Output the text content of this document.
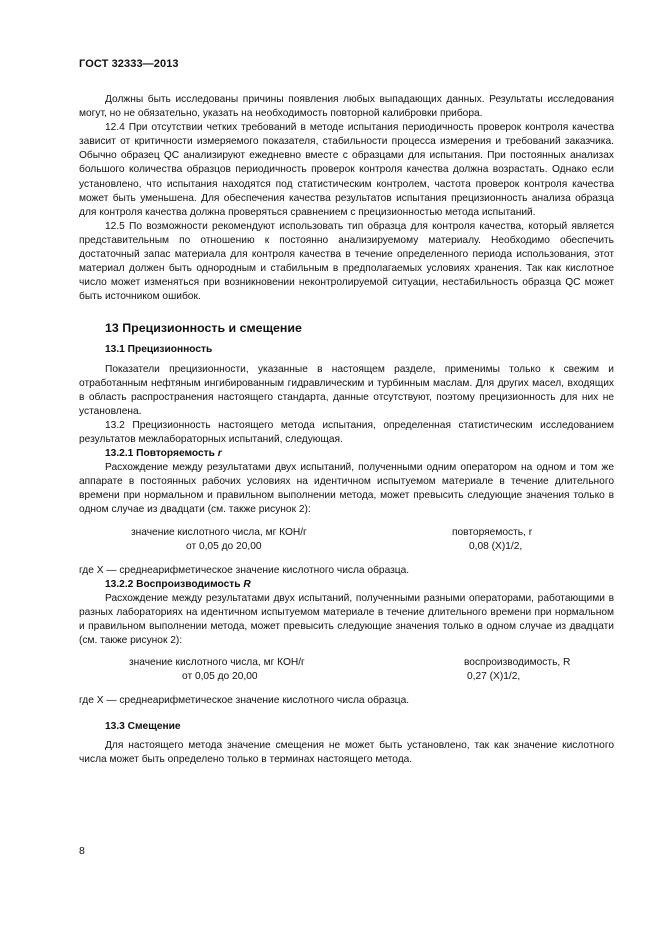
ГОСТ 32333—2013

Должны быть исследованы причины появления любых выпадающих данных. Результаты исследования могут, но не обязательно, указать на необходимость повторной калибровки прибора.

12.4 При отсутствии четких требований в методе испытания периодичность проверок контроля качества зависит от критичности измеряемого показателя, стабильности процесса измерения и требований заказчика. Обычно образец QC анализируют ежедневно вместе с образцами для испытания. При постоянных анализах большого количества образцов периодичность проверок контроля качества должна возрастать. Однако если установлено, что испытания находятся под статистическим контролем, частота проверок контроля качества может быть уменьшена. Для обеспечения качества результатов испытания прецизионность анализа образца для контроля качества должна проверяться сравнением с прецизионностью метода испытаний.

12.5 По возможности рекомендуют использовать тип образца для контроля качества, который является представительным по отношению к постоянно анализируемому материалу. Необходимо обеспечить достаточный запас материала для контроля качества в течение определенного периода использования, этот материал должен быть однородным и стабильным в предполагаемых условиях хранения. Так как кислотное число может изменяться при возникновении неконтролируемой ситуации, нестабильность образца QC может быть источником ошибок.

13 Прецизионность и смещение
13.1 Прецизионность

Показатели прецизионности, указанные в настоящем разделе, применимы только к свежим и отработанным нефтяным ингибированным гидравлическим и турбинным маслам. Для других масел, входящих в область распространения настоящего стандарта, данные отсутствуют, поэтому прецизионность для них не установлена.

13.2 Прецизионность настоящего метода испытания, определенная статистическим исследованием результатов межлабораторных испытаний, следующая.

13.2.1 Повторяемость r

Расхождение между результатами двух испытаний, полученными одним оператором на одном и том же аппарате в постоянных рабочих условиях на идентичном испытуемом материале в течение длительного времени при нормальном и правильном выполнении метода, может превысить следующие значения только в одном случае из двадцати (см. также рисунок 2):

значение кислотного числа, мг КОН/г
от 0,05 до 20,00
повторяемость, r
0,08 (X)1/2,

где X — среднеарифметическое значение кислотного числа образца.

13.2.2 Воспроизводимость R

Расхождение между результатами двух испытаний, полученными разными операторами, работающими в разных лабораториях на идентичном испытуемом материале в течение длительного времени при нормальном и правильном выполнении метода, может превысить следующие значения только в одном случае из двадцати (см. также рисунок 2):

значение кислотного числа, мг КОН/г
от 0,05 до 20,00
воспроизводимость, R
0,27 (X)1/2,

где X — среднеарифметическое значение кислотного числа образца.

13.3 Смещение

Для настоящего метода значение смещения не может быть установлено, так как значение кислотного числа может быть определено только в терминах настоящего метода.

8
